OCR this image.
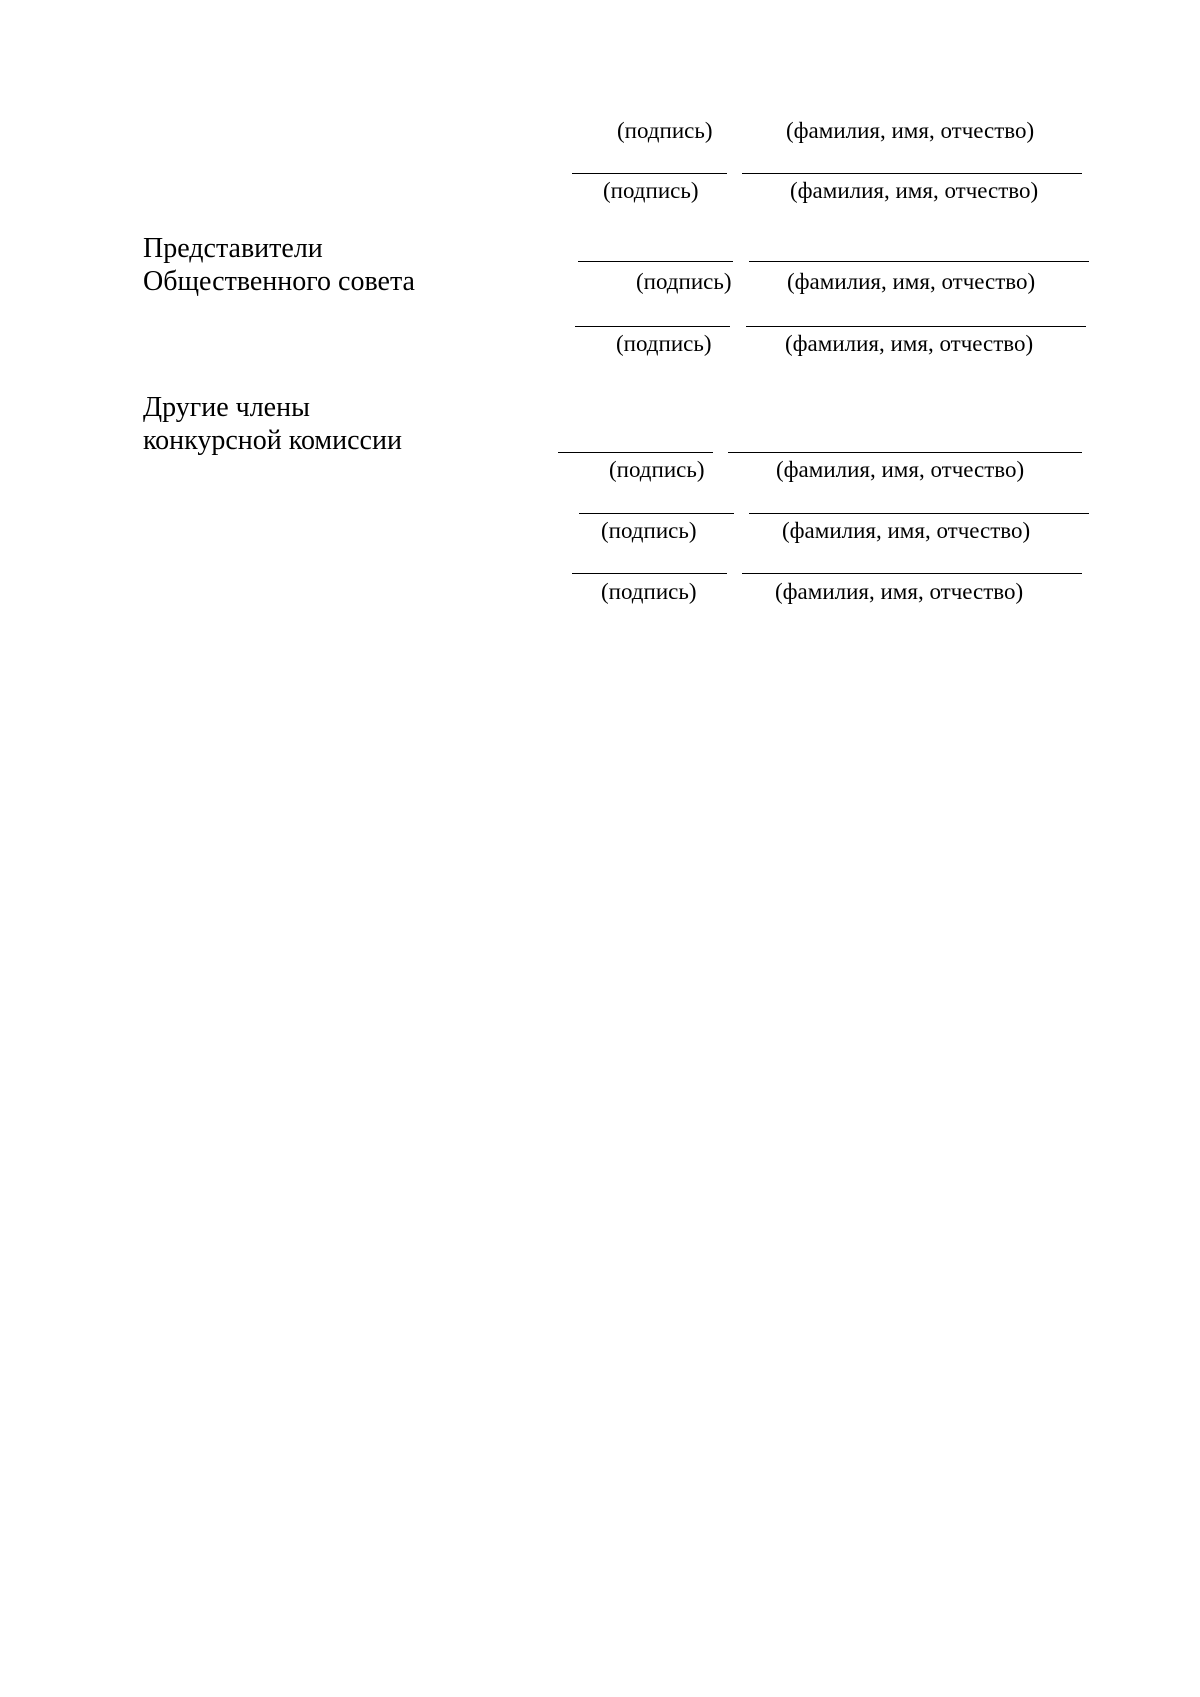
(подпись)	(фамилия, имя, отчество)
(подпись)	(фамилия, имя, отчество)
Представители
Общественного совета	(подпись) (фамилия, имя, отчество)
(подпись)	(фамилия, имя, отчество)
Другие члены
конкурсной комиссии
(подпись)	(фамилия, имя, отчество)
(подпись)	(фамилия, имя, отчество)
(подпись)	(фамилия, имя, отчество)
